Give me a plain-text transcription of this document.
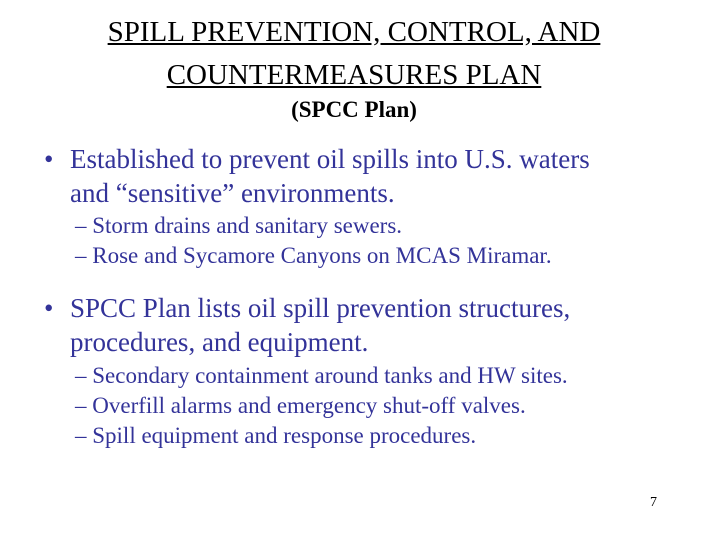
SPILL PREVENTION, CONTROL, AND
COUNTERMEASURES PLAN
(SPCC Plan)
• Established to prevent oil spills into U.S. waters
and “sensitive” environments.
– Storm drains and sanitary sewers.
– Rose and Sycamore Canyons on MCAS Miramar.
• SPCC Plan lists oil spill prevention structures,
procedures, and equipment.
– Secondary containment around tanks and HW sites.
– Overfill alarms and emergency shut-off valves.
– Spill equipment and response procedures.
7
